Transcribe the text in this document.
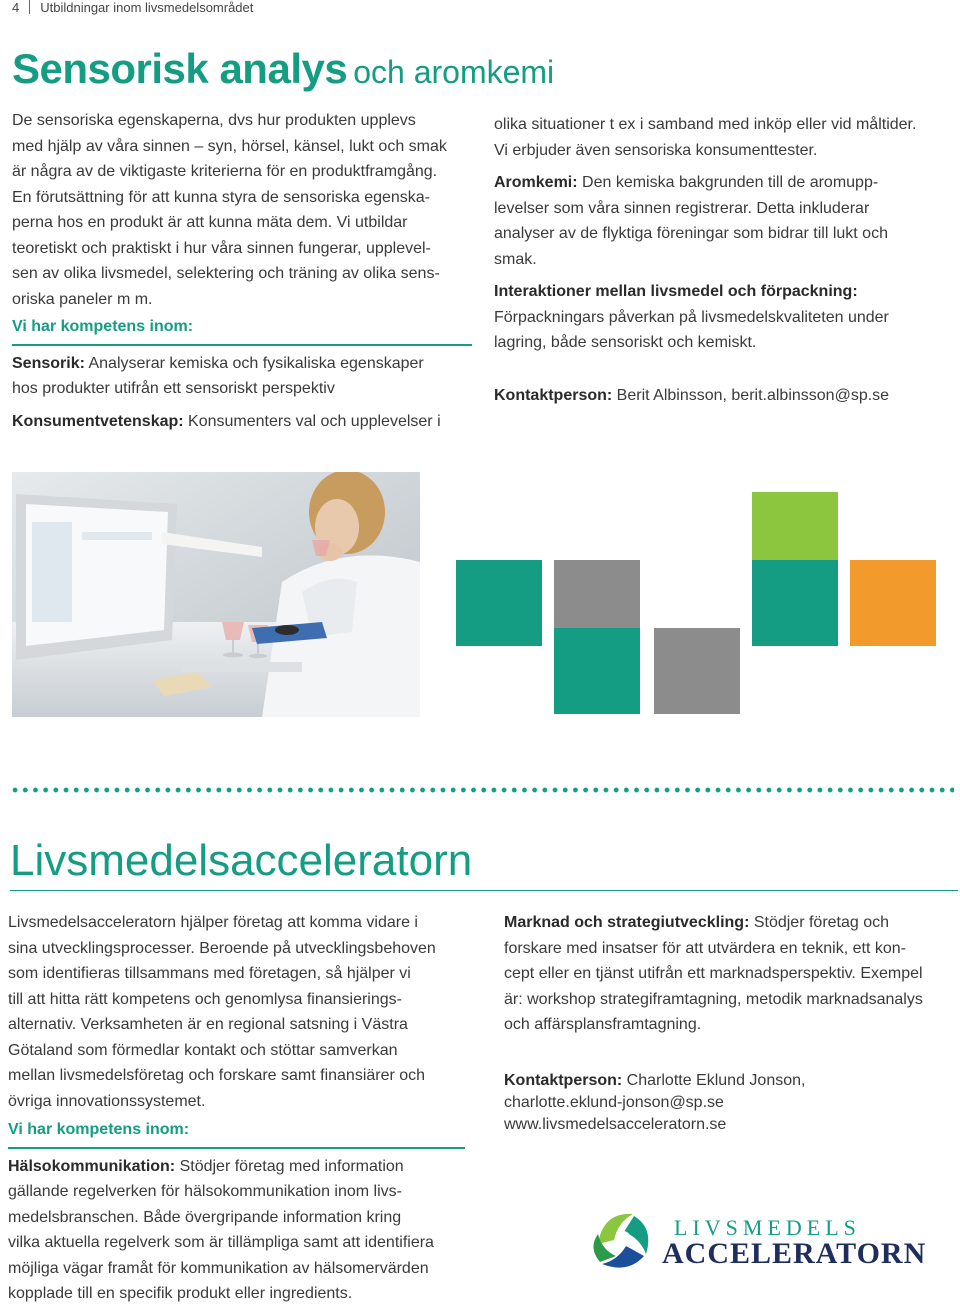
4 Utbildningar inom livsmedelsområdet
Sensorisk analys och aromkemi
De sensoriska egenskaperna, dvs hur produkten upplevs
med hjälp av våra sinnen – syn, hörsel, känsel, lukt och smak
är några av de viktigaste kriterierna för en produktframgång.
En förutsättning för att kunna styra de sensoriska egenska-
perna hos en produkt är att kunna mäta dem. Vi utbildar
teoretiskt och praktiskt i hur våra sinnen fungerar, upplevel-
sen av olika livsmedel, selektering och träning av olika sens-
oriska paneler m m.
Vi har kompetens inom:
Sensorik: Analyserar kemiska och fysikaliska egenskaper
hos produkter utifrån ett sensoriskt perspektiv
Konsumentvetenskap: Konsumenters val och upplevelser i
olika situationer t ex i samband med inköp eller vid måltider.
Vi erbjuder även sensoriska konsumenttester.
Aromkemi: Den kemiska bakgrunden till de aromupp-
levelser som våra sinnen registrerar. Detta inkluderar
analyser av de flyktiga föreningar som bidrar till lukt och
smak.
Interaktioner mellan livsmedel och förpackning:
Förpackningars påverkan på livsmedelskvaliteten under
lagring, både sensoriskt och kemiskt.
Kontaktperson: Berit Albinsson, berit.albinsson@sp.se
Livsmedelsacceleratorn
Livsmedelsacceleratorn hjälper företag att komma vidare i
sina utvecklingsprocesser. Beroende på utvecklingsbehoven
som identifieras tillsammans med företagen, så hjälper vi
till att hitta rätt kompetens och genomlysa finansierings-
alternativ. Verksamheten är en regional satsning i Västra
Götaland som förmedlar kontakt och stöttar samverkan
mellan livsmedelsföretag och forskare samt finansiärer och
övriga innovationssystemet.
Vi har kompetens inom:
Hälsokommunikation: Stödjer företag med information
gällande regelverken för hälsokommunikation inom livs-
medelsbranschen. Både övergripande information kring
vilka aktuella regelverk som är tillämpliga samt att identifiera
möjliga vägar framåt för kommunikation av hälsomervärden
kopplade till en specifik produkt eller ingredients.
Marknad och strategiutveckling: Stödjer företag och
forskare med insatser för att utvärdera en teknik, ett kon-
cept eller en tjänst utifrån ett marknadsperspektiv. Exempel
är: workshop strategiframtagning, metodik marknadsanalys
och affärsplansframtagning.
Kontaktperson: Charlotte Eklund Jonson,
charlotte.eklund-jonson@sp.se
www.livsmedelsacceleratorn.se
LIVSMEDELS
ACCELERATORN
